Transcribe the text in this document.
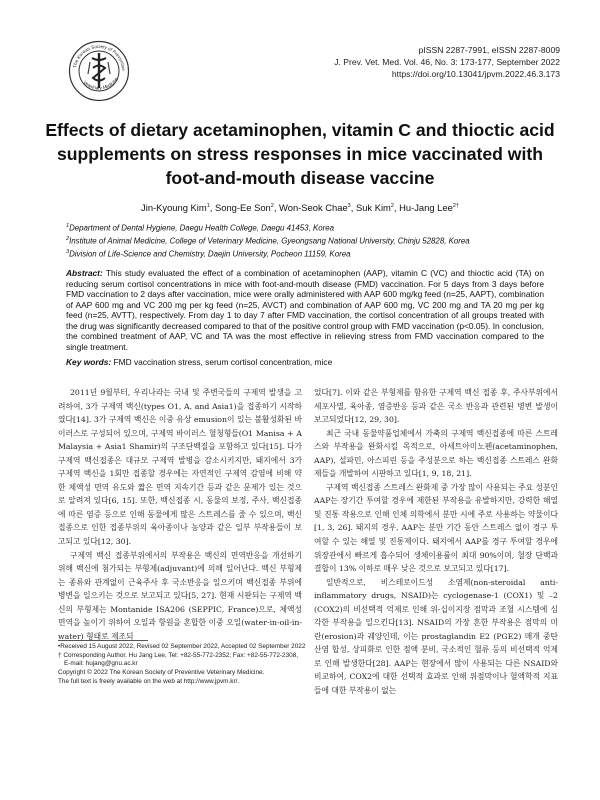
The Korean Society of Preventive
Veterinary Medicine
pISSN 2287-7991, eISSN 2287-8009
J. Prev. Vet. Med. Vol. 46, No. 3: 173-177, September 2022
https://doi.org/10.13041/jpvm.2022.46.3.173
Effects of dietary acetaminophen, vitamin C and thioctic acid
supplements on stress responses in mice vaccinated with
foot-and-mouth disease vaccine
Jin-Kyoung Kim$^1$, Song-Ee Son$^2$, Won-Seok Chae$^3$, Suk Kim$^2$, Hu-Jang Lee$^{2\dagger}$
$^1$Department of Dental Hygiene, Daegu Health College, Daegu 41453, Korea
$^2$Institute of Animal Medicine, College of Veterinary Medicine, Gyeongsang National University, Chinju 52828, Korea
$^3$Division of Life-Science and Chemistry, Daejin University, Pocheon 11159, Korea
Abstract: This study evaluated the effect of a combination of acetaminophen (AAP), vitamin C (VC) and thioctic acid (TA) on reducing serum cortisol concentrations in mice with foot-and-mouth disease (FMD) vaccination. For 5 days from 3 days before FMD vaccination to 2 days after vaccination, mice were orally administered with AAP 600 mg/kg feed (n=25, AAPT), combination of AAP 600 mg and VC 200 mg per kg feed (n=25, AVCT) and combination of AAP 600 mg, VC 200 mg and TA 20 mg per kg feed (n=25, AVTT), respectively. From day 1 to day 7 after FMD vaccination, the cortisol concentration of all groups treated with the drug was significantly decreased compared to that of the positive control group with FMD vaccination (p<0.05). In conclusion, the combined treatment of AAP, VC and TA was the most effective in relieving stress from FMD vaccination compared to the single treatment.
Key words: FMD vaccination stress, serum cortisol concentration, mice

2011년 9월부터, 우리나라는 국내 및 주변국들의 구제역 발생을 고려하여, 3가 구제역 백신(types O1, A, and Asia1)을 접종하기 시작하였다[14]. 3가 구제역 백신은 이중 유상 emusion이 있는 불활성화된 바이러스로 구성되어 있으며, 구제역 바이러스 혈청형들(O1 Manisa + A Malaysia + Asia1 Shamir)의 구조단백질을 포함하고 있다[15]. 다가 구제역 백신접종은 대규모 구제역 발병을 감소시키지만, 돼지에서 3가 구제역 백신을 1회만 접종할 경우에는 자연적인 구제역 감염에 비해 약한 체액성 면역 유도와 짧은 면역 지속기간 등과 같은 문제가 있는 것으로 알려져 있다[6, 15]. 또한, 백신접종 시, 동물의 보정, 주사, 백신접종에 따른 염증 등으로 인해 동물에게 많은 스트레스를 줄 수 있으며, 백신접종으로 인한 접종부위의 육아종이나 농양과 같은 일부 부작용들이 보고되고 있다[12, 30].

구제역 백신 접종부위에서의 부작용은 백신의 면역반응을 개선하기 위해 백신에 첨가되는 부형제(adjuvant)에 의해 일어난다. 백신 부형제는 종류와 관계없이 근육주사 후 국소반응을 일으키며 백신접종 부위에 병변을 일으키는 것으로 보고되고 있다[5, 27]. 현재 시판되는 구제역 백신의 부형제는 Montanide ISA206 (SEPPIC, France)으로, 체액성 면역을 높이기 위하여 오일과 항원을 혼합한 이중 오일(water-in-oil-in-water) 형태로 제조되

었다[7]. 이와 같은 부형제를 함유한 구제역 백신 접종 후, 주사부위에서 세포사멸, 육아종, 염증반응 등과 같은 국소 반응과 관련된 병변 발생이 보고되었다[12, 29, 30].

최근 국내 동물약품업체에서 가축의 구제역 백신접종에 따른 스트레스와 부작용을 완화시킬 목적으로, 아세트아미노펜(acetaminophen, AAP), 설파민, 아스피린 등을 주성분으로 하는 백신접종 스트레스 완화제들을 개발하여 시판하고 있다[1, 9, 18, 21].

구제역 백신접종 스트레스 완화제 중 가장 많이 사용되는 주요 성분인 AAP는 장기간 투여할 경우에 제한된 부작용을 유발하지만, 강력한 해열 및 진통 작용으로 인해 인체 의학에서 분만 시에 주로 사용하는 약물이다[1, 3, 26]. 돼지의 경우, AAP는 분만 기간 동안 스트레스 없이 경구 투여할 수 있는 해열 및 진통제이다. 돼지에서 AAP를 경구 투여할 경우에 위장관에서 빠르게 흡수되어 생체이용률이 최대 90%이며, 혈장 단백과 결합이 13% 이하로 매우 낮은 것으로 보고되고 있다[17].

일반적으로, 비스테로이드성 소염제(non-steroidal anti-inflammatory drugs, NSAID)는 cyclogenase-1 (COX1) 및 –2 (COX2)의 비선택적 억제로 인해 위-십이지장 점막과 조혈 시스템에 심각한 부작용을 일으킨다[13]. NSAID의 가장 흔한 부작용은 점막의 미란(erosion)과 궤양인데, 이는 prostaglandin E2 (PGE2) 매개 중탄산염 합성, 상피화로 인한 점액 분비, 국소적인 혈류 등의 비선택적 억제로 인해 발생한다[28]. AAP는 현장에서 많이 사용되는 다른 NSAID와 비교하여, COX2에 대한 선택적 효과로 인해 위점막이나 혈액학적 지표들에 대한 부작용이 없는

•Received 15 August 2022, Revised 02 September 2022, Accepted 02 September 2022
† Corresponding Author. Hu Jang Lee, Tel: +82-55-772-2352, Fax: +82-55-772-2308,
E-mail: hujang@gnu.ac.kr
Copyright © 2022 The Korean Society of Preventive Veterinary Medicine.
The full text is freely available on the web at http://www.jpvm.kr/.
